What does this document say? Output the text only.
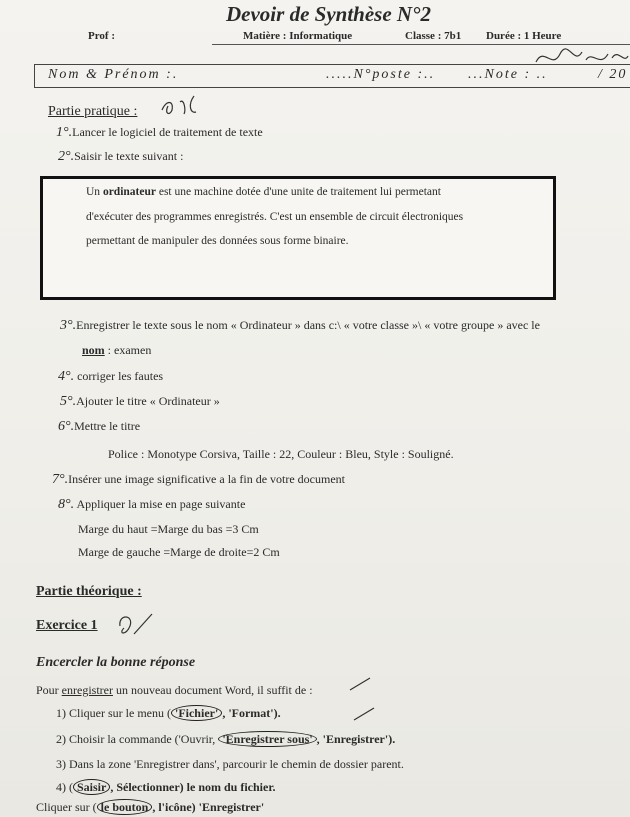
Devoir de Synthèse N°2
Prof :	Matière : Informatique	Classe : 7b1 Durée : 1 Heure
Nom & Prénom :.	.....N°poste :.. ...Note : ..	/ 20
Partie pratique :
1°.Lancer le logiciel de traitement de texte
2°.Saisir le texte suivant :
Un ordinateur est une machine dotée d'une unite de traitement lui permetant
d'exécuter des programmes enregistrés. C'est un ensemble de circuit électroniques
permettant de manipuler des données sous forme binaire.
3°.Enregistrer le texte sous le nom « Ordinateur » dans c:\ « votre classe »\ « votre groupe » avec le
nom : examen
4°. corriger les fautes
5°.Ajouter le titre « Ordinateur »
6°.Mettre le titre
Police : Monotype Corsiva, Taille : 22, Couleur : Bleu, Style : Souligné.
7°.Insérer une image significative a la fin de votre document
8°. Appliquer la mise en page suivante
Marge du haut =Marge du bas =3 Cm
Marge de gauche =Marge de droite=2 Cm
Partie théorique :
Exercice 1
Encercler la bonne réponse
Pour enregistrer un nouveau document Word, il suffit de :
1) Cliquer sur le menu ( 'Fichier' , 'Format').
2) Choisir la commande ('Ouvrir, 'Enregistrer sous' , 'Enregistrer').
3) Dans la zone 'Enregistrer dans', parcourir le chemin de dossier parent.
4) ( Saisir , Sélectionner) le nom du fichier.
Cliquer sur ( le bouton , l'icône) 'Enregistrer'
